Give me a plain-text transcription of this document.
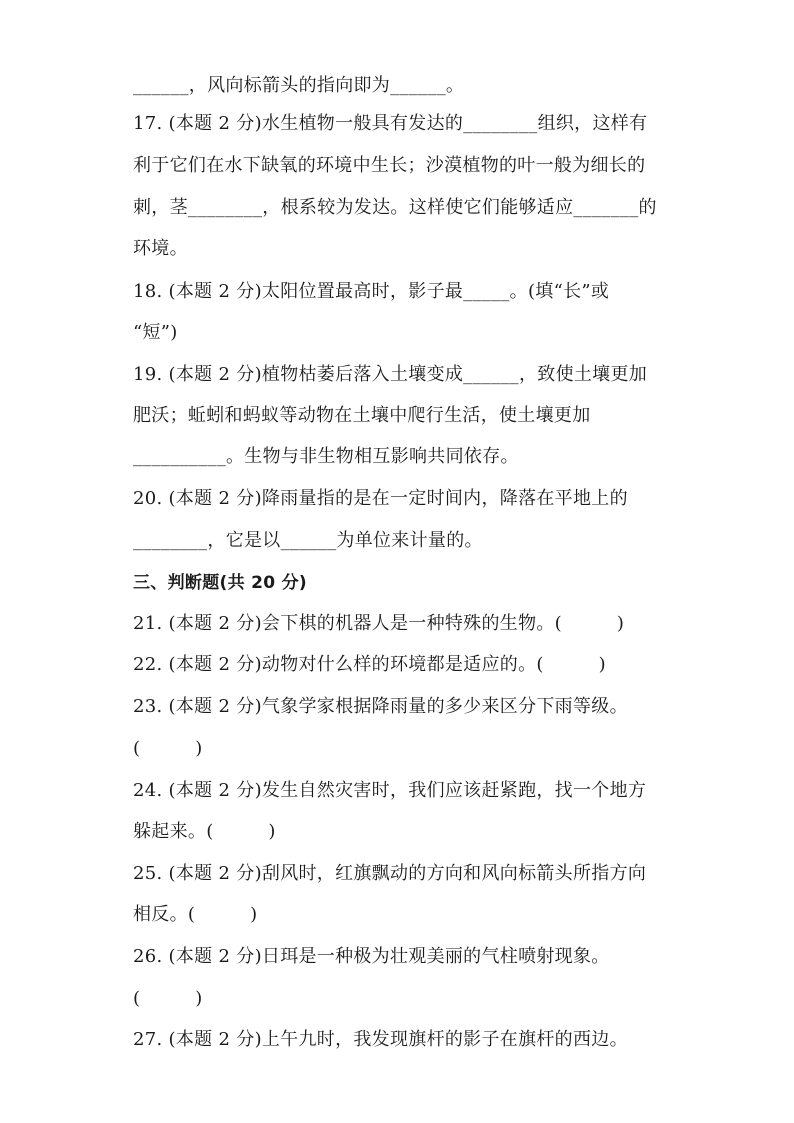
______，风向标箭头的指向即为______。
17. (本题 2 分)水生植物一般具有发达的________组织，这样有
利于它们在水下缺氧的环境中生长；沙漠植物的叶一般为细长的
刺，茎________，根系较为发达。这样使它们能够适应_______的
环境。
18. (本题 2 分)太阳位置最高时，影子最_____。(填“长”或
“短”)
19. (本题 2 分)植物枯萎后落入土壤变成______，致使土壤更加
肥沃；蚯蚓和蚂蚁等动物在土壤中爬行生活，使土壤更加
__________。生物与非生物相互影响共同依存。
20. (本题 2 分)降雨量指的是在一定时间内，降落在平地上的
________，它是以______为单位来计量的。
三、判断题(共 20 分)
21. (本题 2 分)会下棋的机器人是一种特殊的生物。(　　　)
22. (本题 2 分)动物对什么样的环境都是适应的。(　　　)
23. (本题 2 分)气象学家根据降雨量的多少来区分下雨等级。
(　　　)
24. (本题 2 分)发生自然灾害时，我们应该赶紧跑，找一个地方
躲起来。(　　　)
25. (本题 2 分)刮风时，红旗飘动的方向和风向标箭头所指方向
相反。(　　　)
26. (本题 2 分)日珥是一种极为壮观美丽的气柱喷射现象。
(　　　)
27. (本题 2 分)上午九时，我发现旗杆的影子在旗杆的西边。
